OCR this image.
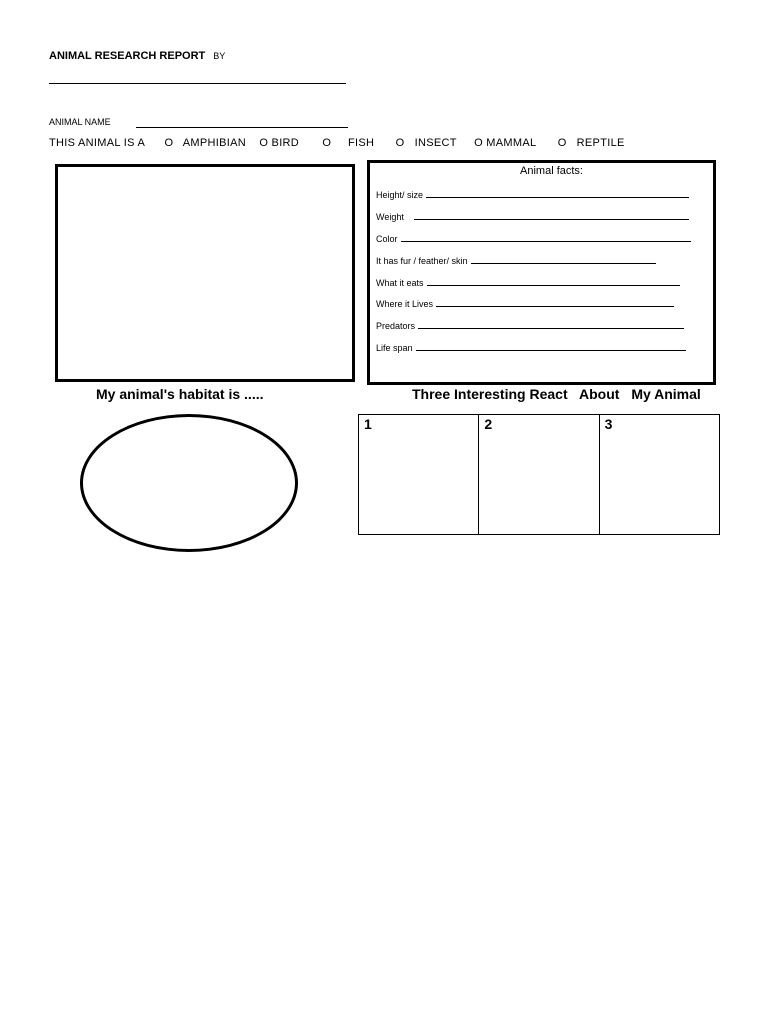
ANIMAL RESEARCH REPORT BY
ANIMAL NAME
THIS ANIMAL IS A O   AMPHIBIAN O BIRD O     FISH O   INSECT O MAMMAL O   REPTILE
Animal facts:
Height/ size
Weight
Color
It has fur / feather/ skin
What it eats
Where it Lives
Predators
Life span
My animal's habitat is .....	Three Interesting React About My Animal
1	2	3
